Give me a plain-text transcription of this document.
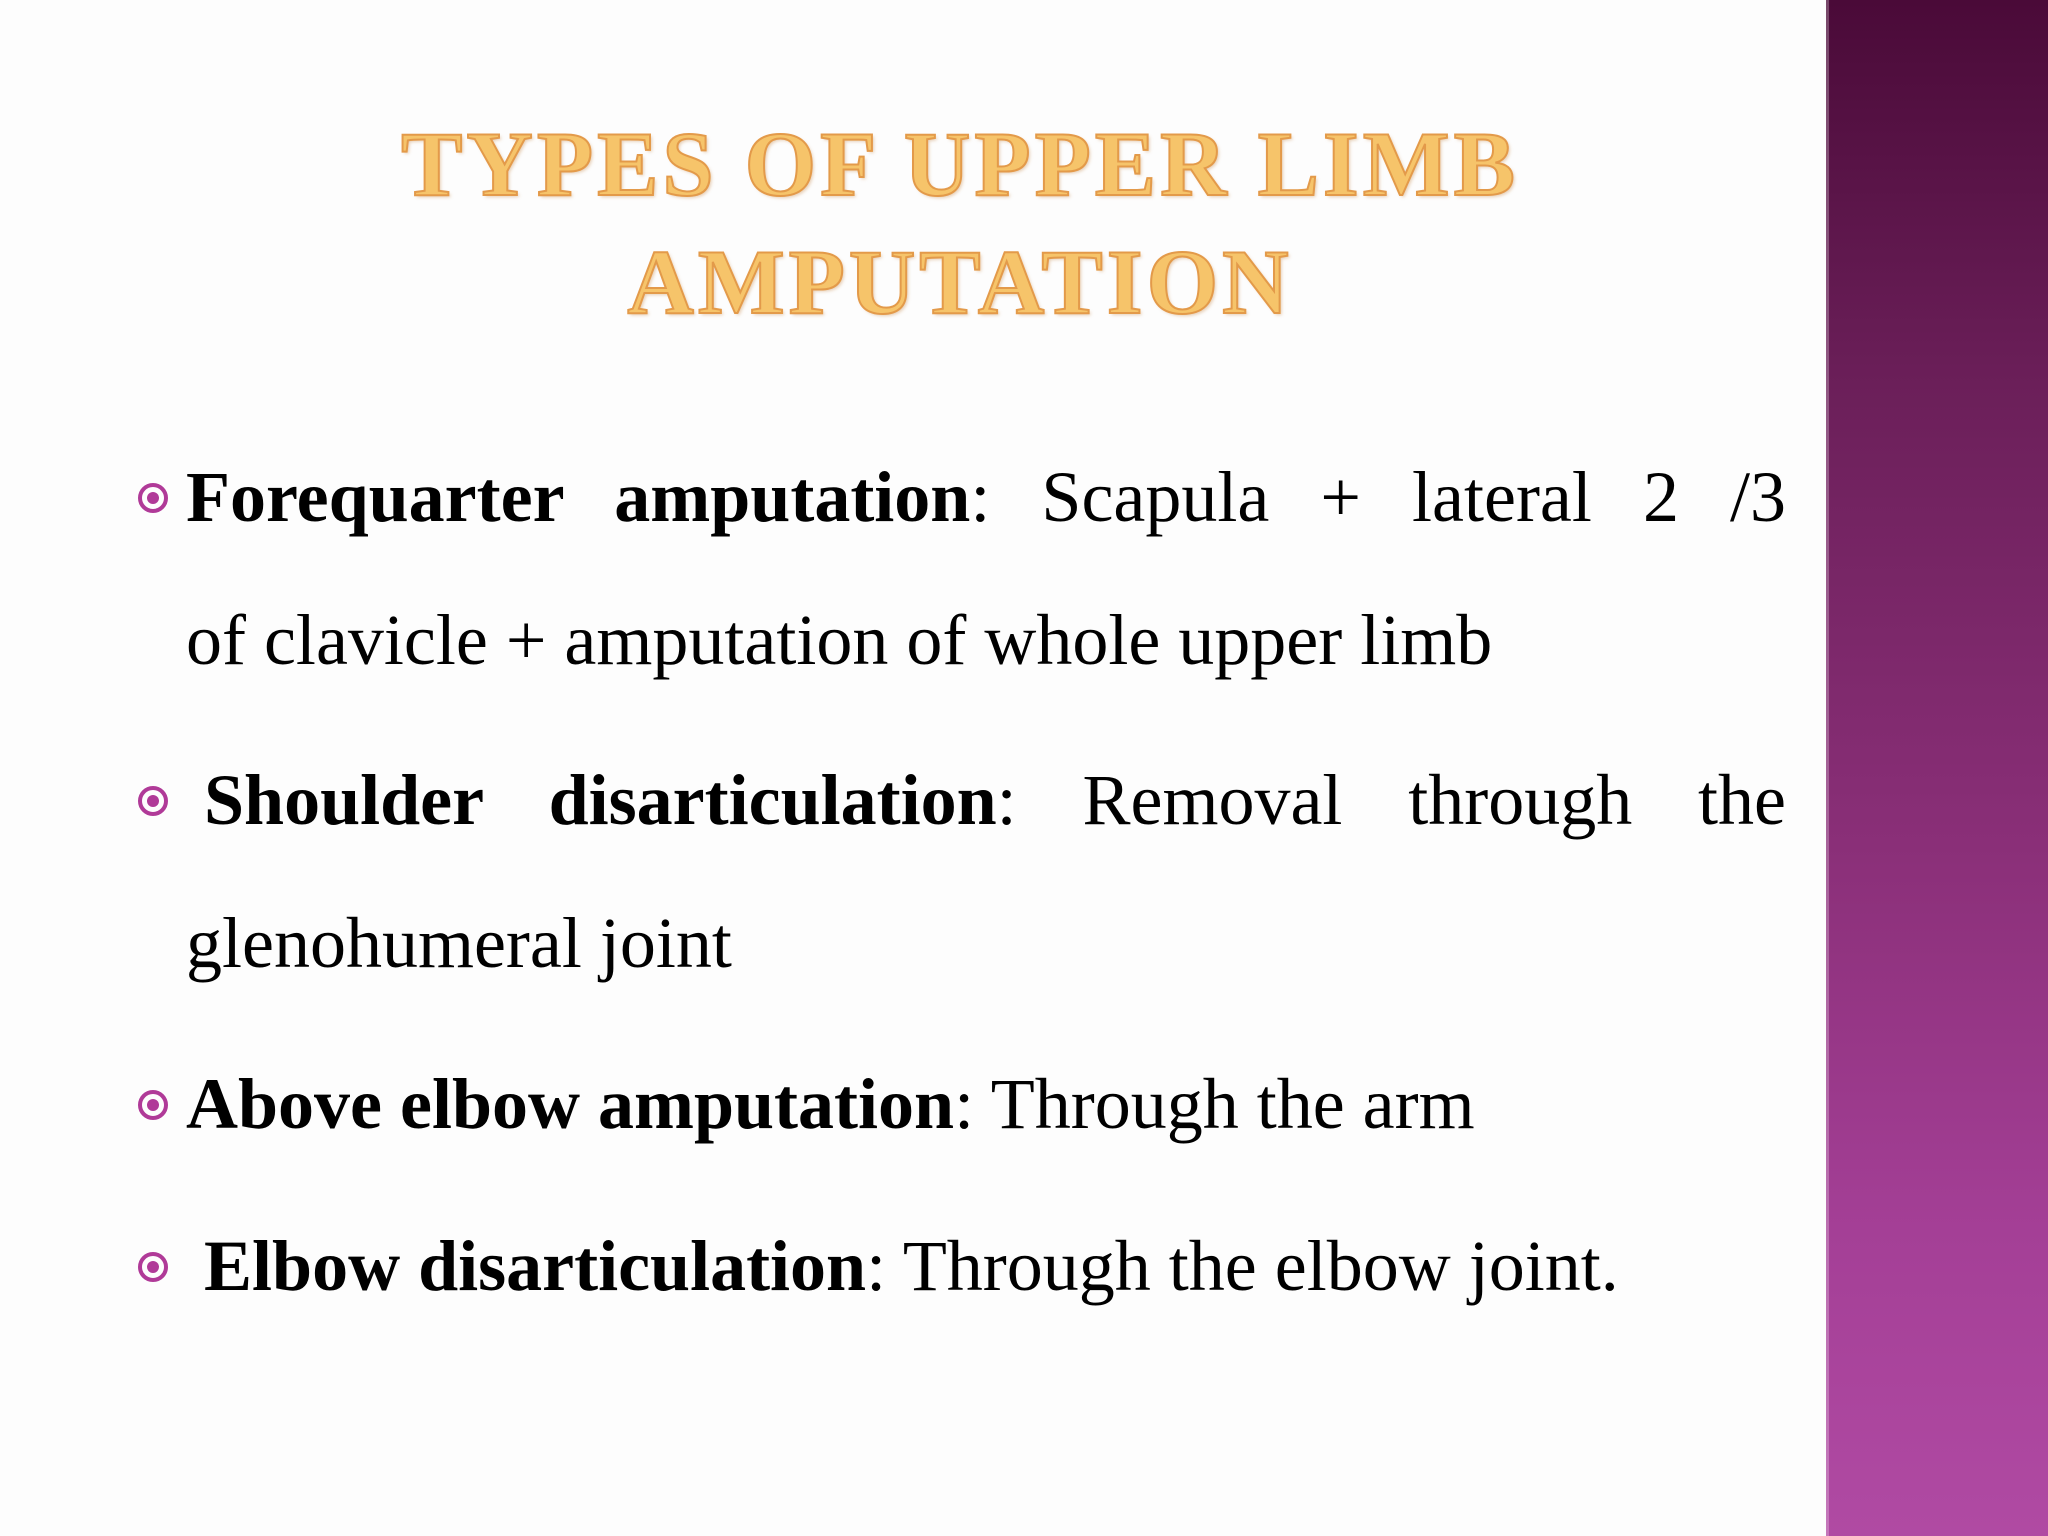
TYPES OF UPPER LIMB
AMPUTATION
Forequarter amputation: Scapula + lateral 2 /3
of clavicle + amputation of whole upper limb
Shoulder disarticulation: Removal through the
glenohumeral joint
Above elbow amputation: Through the arm
Elbow disarticulation: Through the elbow joint.
